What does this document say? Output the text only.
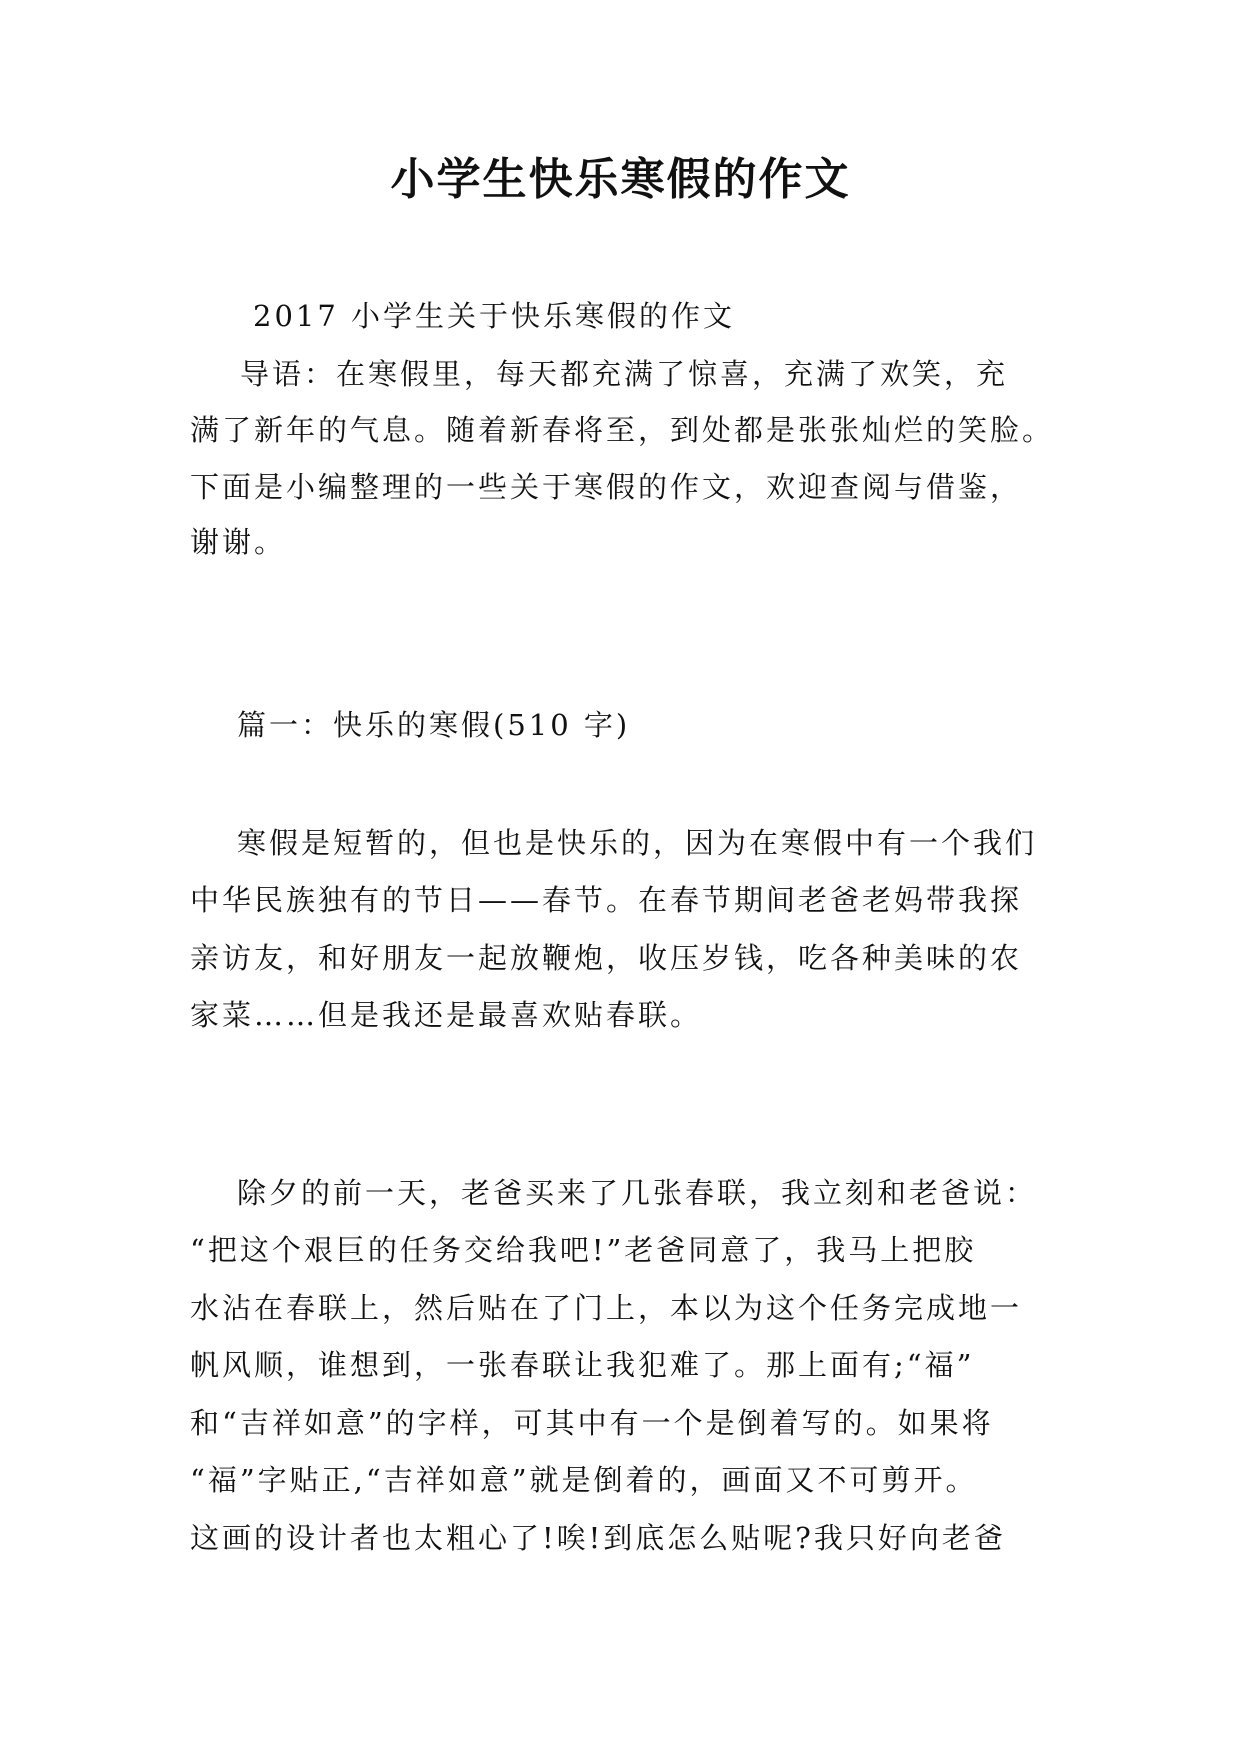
小学生快乐寒假的作文
2017 小学生关于快乐寒假的作文
导语：在寒假里，每天都充满了惊喜，充满了欢笑，充
满了新年的气息。随着新春将至，到处都是张张灿烂的笑脸。
下面是小编整理的一些关于寒假的作文，欢迎查阅与借鉴，
谢谢。
篇一：快乐的寒假(510 字)
寒假是短暂的，但也是快乐的，因为在寒假中有一个我们
中华民族独有的节日——春节。在春节期间老爸老妈带我探
亲访友，和好朋友一起放鞭炮，收压岁钱，吃各种美味的农
家菜……但是我还是最喜欢贴春联。
除夕的前一天，老爸买来了几张春联，我立刻和老爸说：
“把这个艰巨的任务交给我吧!”老爸同意了，我马上把胶
水沾在春联上，然后贴在了门上，本以为这个任务完成地一
帆风顺，谁想到，一张春联让我犯难了。那上面有;“福”
和“吉祥如意”的字样，可其中有一个是倒着写的。如果将
“福”字贴正,“吉祥如意”就是倒着的，画面又不可剪开。
这画的设计者也太粗心了!唉!到底怎么贴呢?我只好向老爸
